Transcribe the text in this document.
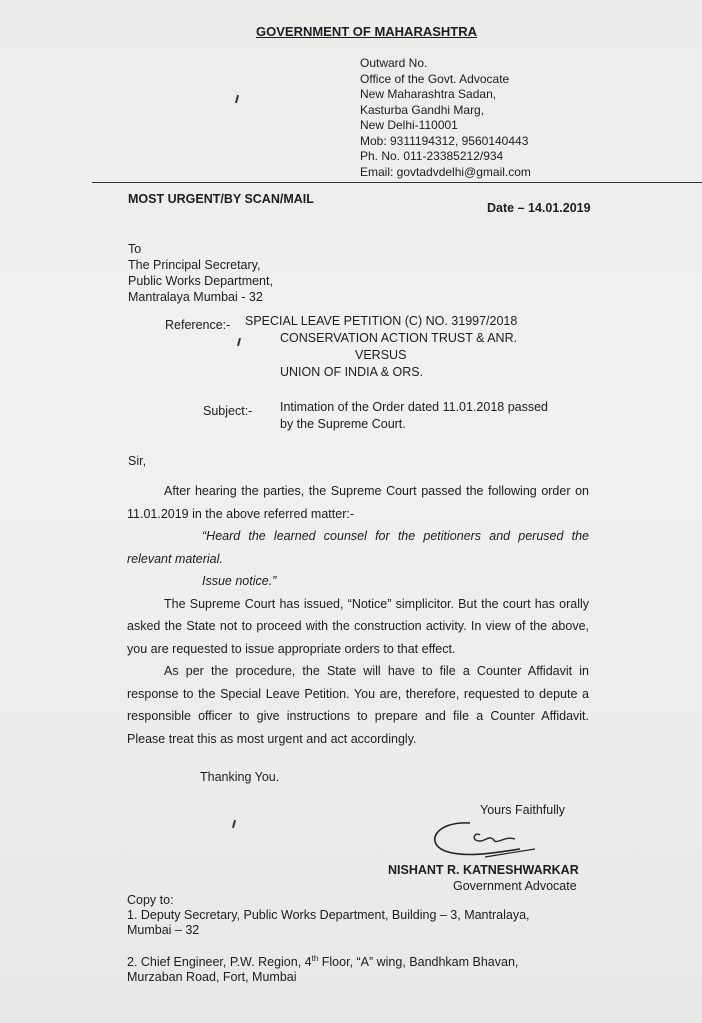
GOVERNMENT OF MAHARASHTRA
Outward No.
Office of the Govt. Advocate
New Maharashtra Sadan,
Kasturba Gandhi Marg,
New Delhi-110001
Mob: 9311194312, 9560140443
Ph. No. 011-23385212/934
Email: govtadvdelhi@gmail.com
MOST URGENT/BY SCAN/MAIL
Date – 14.01.2019
To
The Principal Secretary,
Public Works Department,
Mantralaya Mumbai - 32
Reference:- SPECIAL LEAVE PETITION (C) NO. 31997/2018
CONSERVATION ACTION TRUST & ANR.
VERSUS
UNION OF INDIA & ORS.
Subject:- Intimation of the Order dated 11.01.2018 passed
by the Supreme Court.
Sir,

After hearing the parties, the Supreme Court passed the following order on 11.01.2019 in the above referred matter:-

“Heard the learned counsel for the petitioners and perused the relevant material.

Issue notice.”

The Supreme Court has issued, “Notice” simplicitor. But the court has orally asked the State not to proceed with the construction activity. In view of the above, you are requested to issue appropriate orders to that effect.

As per the procedure, the State will have to file a Counter Affidavit in response to the Special Leave Petition. You are, therefore, requested to depute a responsible officer to give instructions to prepare and file a Counter Affidavit. Please treat this as most urgent and act accordingly.

Thanking You.
Yours Faithfully
NISHANT R. KATNESHWARKAR
Government Advocate
Copy to:
1. Deputy Secretary, Public Works Department, Building – 3, Mantralaya,
Mumbai – 32
2. Chief Engineer, P.W. Region, 4th Floor, “A” wing, Bandhkam Bhavan,
Murzaban Road, Fort, Mumbai
